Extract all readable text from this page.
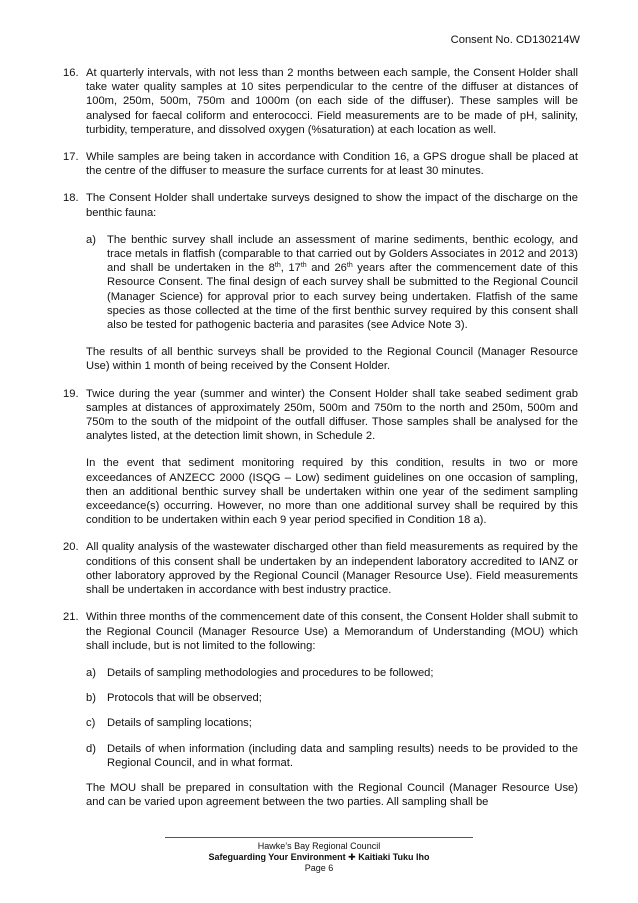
Consent No. CD130214W
16. At quarterly intervals, with not less than 2 months between each sample, the Consent Holder shall take water quality samples at 10 sites perpendicular to the centre of the diffuser at distances of 100m, 250m, 500m, 750m and 1000m (on each side of the diffuser). These samples will be analysed for faecal coliform and enterococci. Field measurements are to be made of pH, salinity, turbidity, temperature, and dissolved oxygen (%saturation) at each location as well.
17. While samples are being taken in accordance with Condition 16, a GPS drogue shall be placed at the centre of the diffuser to measure the surface currents for at least 30 minutes.
18. The Consent Holder shall undertake surveys designed to show the impact of the discharge on the benthic fauna:
a) The benthic survey shall include an assessment of marine sediments, benthic ecology, and trace metals in flatfish (comparable to that carried out by Golders Associates in 2012 and 2013) and shall be undertaken in the 8th, 17th and 26th years after the commencement date of this Resource Consent. The final design of each survey shall be submitted to the Regional Council (Manager Science) for approval prior to each survey being undertaken. Flatfish of the same species as those collected at the time of the first benthic survey required by this consent shall also be tested for pathogenic bacteria and parasites (see Advice Note 3).
The results of all benthic surveys shall be provided to the Regional Council (Manager Resource Use) within 1 month of being received by the Consent Holder.
19. Twice during the year (summer and winter) the Consent Holder shall take seabed sediment grab samples at distances of approximately 250m, 500m and 750m to the north and 250m, 500m and 750m to the south of the midpoint of the outfall diffuser. Those samples shall be analysed for the analytes listed, at the detection limit shown, in Schedule 2.
In the event that sediment monitoring required by this condition, results in two or more exceedances of ANZECC 2000 (ISQG – Low) sediment guidelines on one occasion of sampling, then an additional benthic survey shall be undertaken within one year of the sediment sampling exceedance(s) occurring. However, no more than one additional survey shall be required by this condition to be undertaken within each 9 year period specified in Condition 18 a).
20. All quality analysis of the wastewater discharged other than field measurements as required by the conditions of this consent shall be undertaken by an independent laboratory accredited to IANZ or other laboratory approved by the Regional Council (Manager Resource Use). Field measurements shall be undertaken in accordance with best industry practice.
21. Within three months of the commencement date of this consent, the Consent Holder shall submit to the Regional Council (Manager Resource Use) a Memorandum of Understanding (MOU) which shall include, but is not limited to the following:
a) Details of sampling methodologies and procedures to be followed;
b) Protocols that will be observed;
c) Details of sampling locations;
d) Details of when information (including data and sampling results) needs to be provided to the Regional Council, and in what format.
The MOU shall be prepared in consultation with the Regional Council (Manager Resource Use) and can be varied upon agreement between the two parties. All sampling shall be
Hawke’s Bay Regional Council
Safeguarding Your Environment ✚ Kaitiaki Tuku Iho
Page 6
